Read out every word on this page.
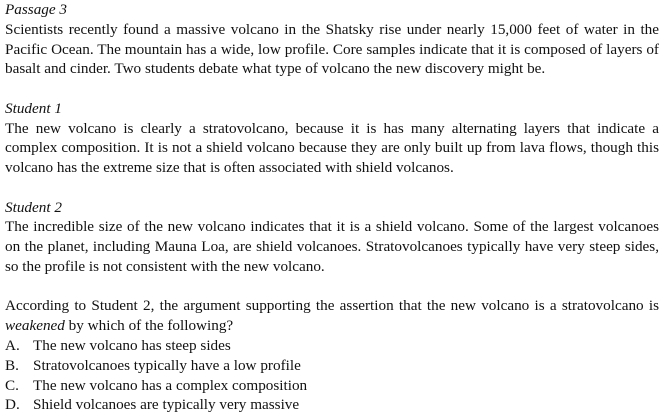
Passage 3

Scientists recently found a massive volcano in the Shatsky rise under nearly 15,000 feet of water in the Pacific Ocean. The mountain has a wide, low profile. Core samples indicate that it is composed of layers of basalt and cinder. Two students debate what type of volcano the new discovery might be.

Student 1

The new volcano is clearly a stratovolcano, because it is has many alternating layers that indicate a complex composition. It is not a shield volcano because they are only built up from lava flows, though this volcano has the extreme size that is often associated with shield volcanos.

Student 2

The incredible size of the new volcano indicates that it is a shield volcano. Some of the largest volcanoes on the planet, including Mauna Loa, are shield volcanoes. Stratovolcanoes typically have very steep sides, so the profile is not consistent with the new volcano.

According to Student 2, the argument supporting the assertion that the new volcano is a stratovolcano is weakened by which of the following?

A. The new volcano has steep sides
B. Stratovolcanoes typically have a low profile
C. The new volcano has a complex composition
D. Shield volcanoes are typically very massive
